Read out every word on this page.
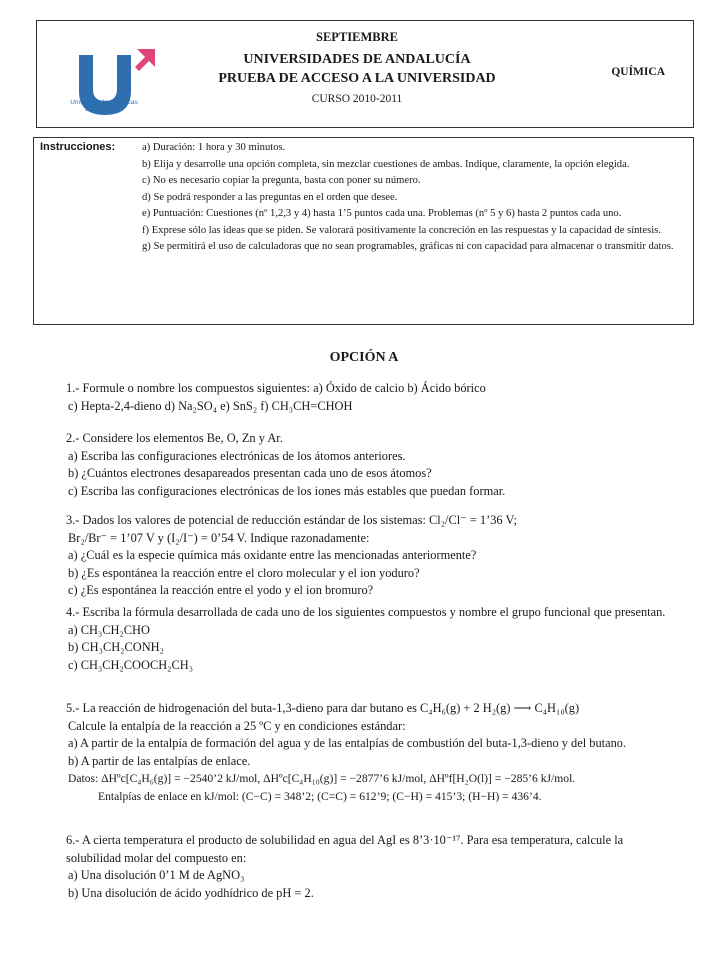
Universidades Públicas
de Andalucía
SEPTIEMBRE
UNIVERSIDADES DE ANDALUCÍA
PRUEBA DE ACCESO A LA UNIVERSIDAD
CURSO 2010-2011
QUÍMICA
Instrucciones:	a) Duración: 1 hora y 30 minutos.
b) Elija y desarrolle una opción completa, sin mezclar cuestiones de ambas. Indique, claramente, la opción elegida.
c) No es necesario copiar la pregunta, basta con poner su número.
d) Se podrá responder a las preguntas en el orden que desee.
e) Puntuación: Cuestiones (nº 1,2,3 y 4) hasta 1’5 puntos cada una. Problemas (nº 5 y 6) hasta 2 puntos cada uno.
f) Exprese sólo las ideas que se piden. Se valorará positivamente la concreción en las respuestas y la capacidad de síntesis.
g) Se permitirá el uso de calculadoras que no sean programables, gráficas ni con capacidad para almacenar o transmitir datos.
OPCIÓN A
1.- Formule o nombre los compuestos siguientes: a) Óxido de calcio b) Ácido bórico
c) Hepta-2,4-dieno d) Na₂SO₄ e) SnS₂ f) CH₃CH=CHOH
2.- Considere los elementos Be, O, Zn y Ar.
a) Escriba las configuraciones electrónicas de los átomos anteriores.
b) ¿Cuántos electrones desapareados presentan cada uno de esos átomos?
c) Escriba las configuraciones electrónicas de los iones más estables que puedan formar.
3.- Dados los valores de potencial de reducción estándar de los sistemas: Cl₂/Cl⁻ = 1’36 V;
Br₂/Br⁻ = 1’07 V y (I₂/I⁻) = 0’54 V. Indique razonadamente:
a) ¿Cuál es la especie química más oxidante entre las mencionadas anteriormente?
b) ¿Es espontánea la reacción entre el cloro molecular y el ion yoduro?
c) ¿Es espontánea la reacción entre el yodo y el ion bromuro?
4.- Escriba la fórmula desarrollada de cada uno de los siguientes compuestos y nombre el grupo funcional que presentan.
a) CH₃CH₂CHO
b) CH₃CH₂CONH₂
c) CH₃CH₂COOCH₂CH₃
5.- La reacción de hidrogenación del buta-1,3-dieno para dar butano es C₄H₆(g) + 2 H₂(g) ⟶ C₄H₁₀(g)
Calcule la entalpía de la reacción a 25 ºC y en condiciones estándar:
a) A partir de la entalpía de formación del agua y de las entalpías de combustión del buta-1,3-dieno y del butano.
b) A partir de las entalpías de enlace.
Datos: ΔHºc[C₄H₆(g)] = −2540’2 kJ/mol, ΔHºc[C₄H₁₀(g)] = −2877’6 kJ/mol, ΔHºf[H₂O(l)] = −285’6 kJ/mol.
Entalpías de enlace en kJ/mol: (C−C) = 348’2; (C=C) = 612’9; (C−H) = 415’3; (H−H) = 436’4.
6.- A cierta temperatura el producto de solubilidad en agua del AgI es 8’3·10⁻¹⁷. Para esa temperatura, calcule la solubilidad molar del compuesto en:
a) Una disolución 0’1 M de AgNO₃
b) Una disolución de ácido yodhídrico de pH = 2.
